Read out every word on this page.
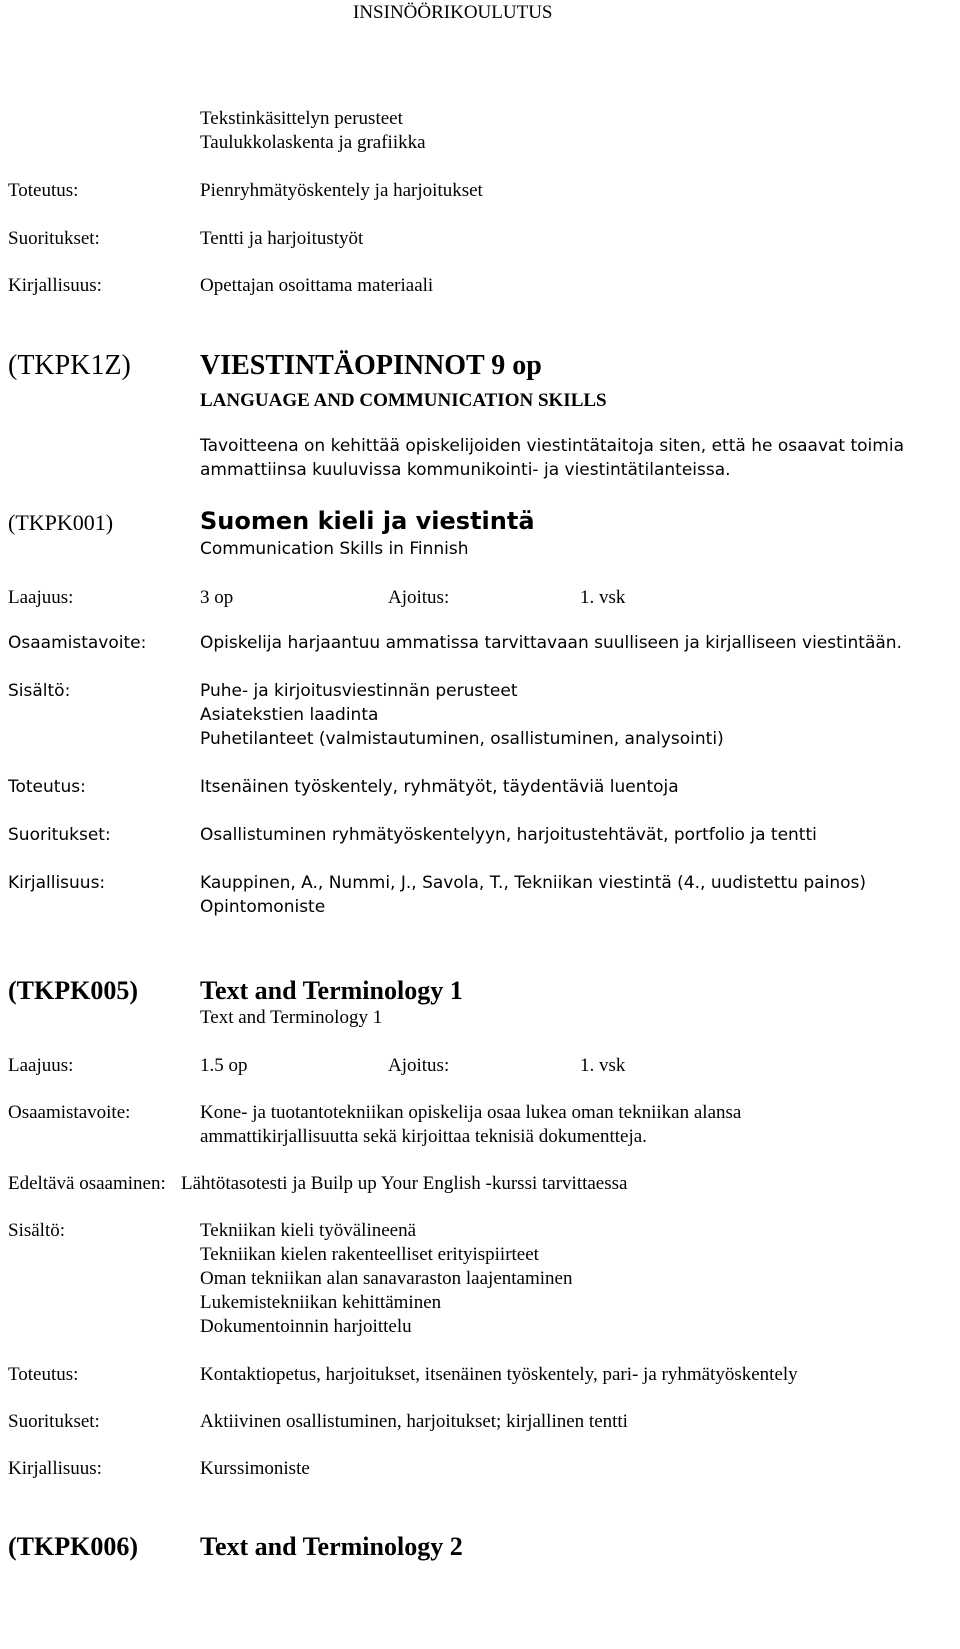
INSINÖÖRIKOULUTUS
Tekstinkäsittelyn perusteet
Taulukkolaskenta ja grafiikka
Toteutus:	Pienryhmätyöskentely ja harjoitukset
Suoritukset:	Tentti ja harjoitustyöt
Kirjallisuus:	Opettajan osoittama materiaali
(TKPK1Z) VIESTINTÄOPINNOT 9 op
LANGUAGE AND COMMUNICATION SKILLS
Tavoitteena on kehittää opiskelijoiden viestintätaitoja siten, että he osaavat toimia
ammattiinsa kuuluvissa kommunikointi- ja viestintätilanteissa.
(TKPK001)	Suomen kieli ja viestintä
Communication Skills in Finnish
Laajuus:	3 op	Ajoitus:	1. vsk
Osaamistavoite:	Opiskelija harjaantuu ammatissa tarvittavaan suulliseen ja kirjalliseen viestintään.
Sisältö:	Puhe- ja kirjoitusviestinnän perusteet
Asiatekstien laadinta
Puhetilanteet (valmistautuminen, osallistuminen, analysointi)
Toteutus:	Itsenäinen työskentely, ryhmätyöt, täydentäviä luentoja
Suoritukset:	Osallistuminen ryhmätyöskentelyyn, harjoitustehtävät, portfolio ja tentti
Kirjallisuus:	Kauppinen, A., Nummi, J., Savola, T., Tekniikan viestintä (4., uudistettu painos)
Opintomoniste
(TKPK005) Text and Terminology 1
Text and Terminology 1
Laajuus:	1.5 op	Ajoitus:	1. vsk
Osaamistavoite:	Kone- ja tuotantotekniikan opiskelija osaa lukea oman tekniikan alansa
ammattikirjallisuutta sekä kirjoittaa teknisiä dokumentteja.
Edeltävä osaaminen: Lähtötasotesti ja Builp up Your English -kurssi tarvittaessa
Sisältö:	Tekniikan kieli työvälineenä
Tekniikan kielen rakenteelliset erityispiirteet
Oman tekniikan alan sanavaraston laajentaminen
Lukemistekniikan kehittäminen
Dokumentoinnin harjoittelu
Toteutus:	Kontaktiopetus, harjoitukset, itsenäinen työskentely, pari- ja ryhmätyöskentely
Suoritukset:	Aktiivinen osallistuminen, harjoitukset; kirjallinen tentti
Kirjallisuus:	Kurssimoniste
(TKPK006) Text and Terminology 2
